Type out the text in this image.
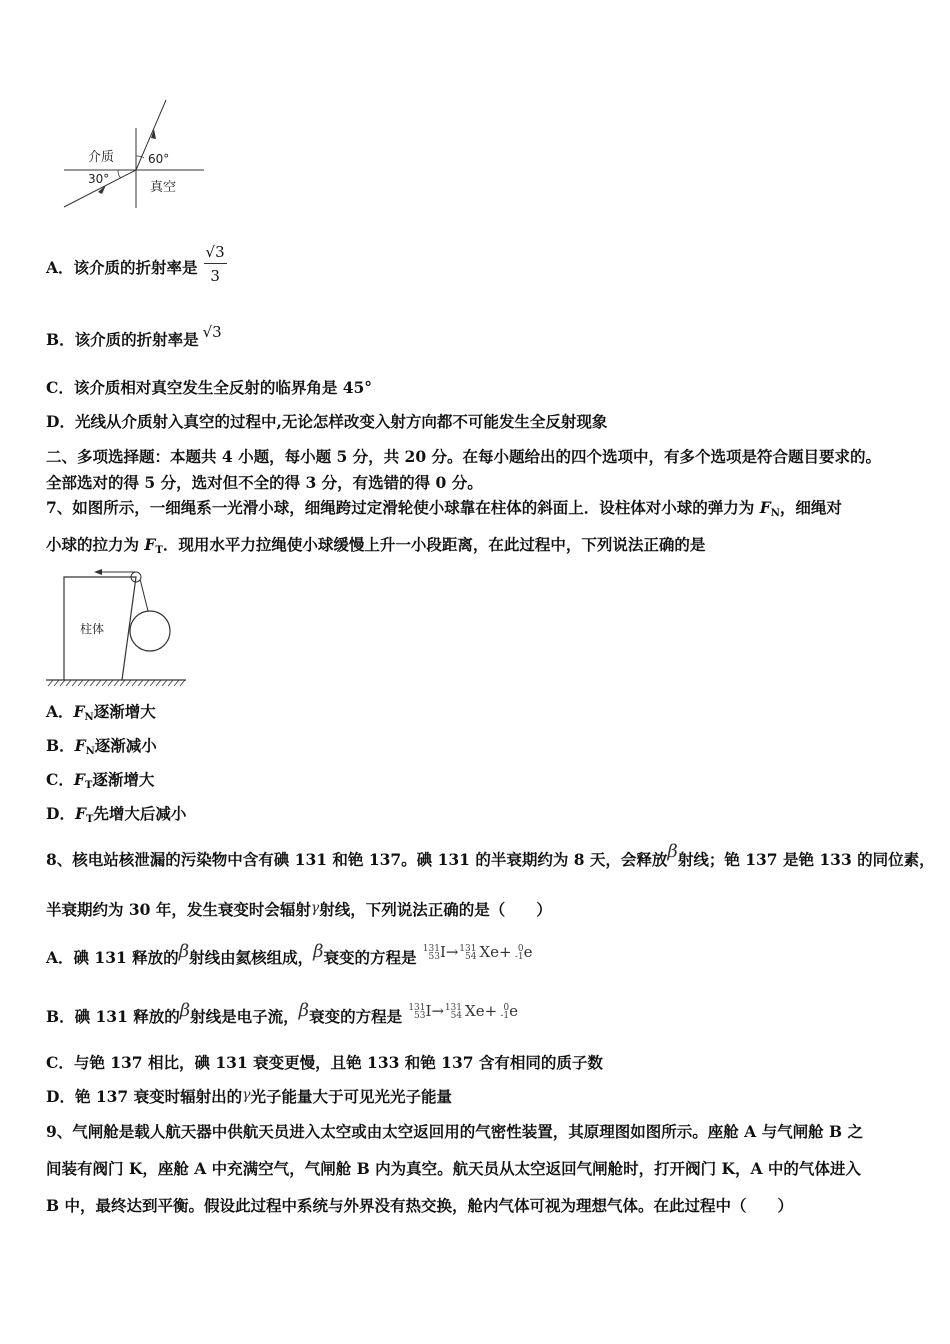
介质	60°
30°
真空
A．该介质的折射率是 $\frac{√3}{3}$
B．该介质的折射率是 √3
C．该介质相对真空发生全反射的临界角是 45°
D．光线从介质射入真空的过程中,无论怎样改变入射方向都不可能发生全反射现象
二、多项选择题：本题共 4 小题，每小题 5 分，共 20 分。在每小题给出的四个选项中，有多个选项是符合题目要求的。
全部选对的得 5 分，选对但不全的得 3 分，有选错的得 0 分。
7、如图所示，一细绳系一光滑小球，细绳跨过定滑轮使小球靠在柱体的斜面上．设柱体对小球的弹力为 $F_N$，细绳对
小球的拉力为 $F_T$．现用水平力拉绳使小球缓慢上升一小段距离，在此过程中，下列说法正确的是
柱体
A．$F_N$逐渐增大
B．$F_N$逐渐减小
C．$F_T$逐渐增大
D．$F_T$先增大后减小
8、核电站核泄漏的污染物中含有碘 131 和铯 137。碘 131 的半衰期约为 8 天，会释放β射线；铯 137 是铯 133 的同位素，
半衰期约为 30 年，发生衰变时会辐射γ射线，下列说法正确的是（　　）
A．碘 131 释放的β射线由氦核组成，β衰变的方程是 131
53 I→ 131
54 Xe+ 0
-1 e
B．碘 131 释放的β射线是电子流，β衰变的方程是 131
53 I→ 131
54 Xe+ 0
-1 e
C．与铯 137 相比，碘 131 衰变更慢，且铯 133 和铯 137 含有相同的质子数
D．铯 137 衰变时辐射出的γ光子能量大于可见光光子能量
9、气闸舱是载人航天器中供航天员进入太空或由太空返回用的气密性装置，其原理图如图所示。座舱 A 与气闸舱 B 之
间装有阀门 K，座舱 A 中充满空气，气闸舱 B 内为真空。航天员从太空返回气闸舱时，打开阀门 K，A 中的气体进入
B 中，最终达到平衡。假设此过程中系统与外界没有热交换，舱内气体可视为理想气体。在此过程中（　　）
